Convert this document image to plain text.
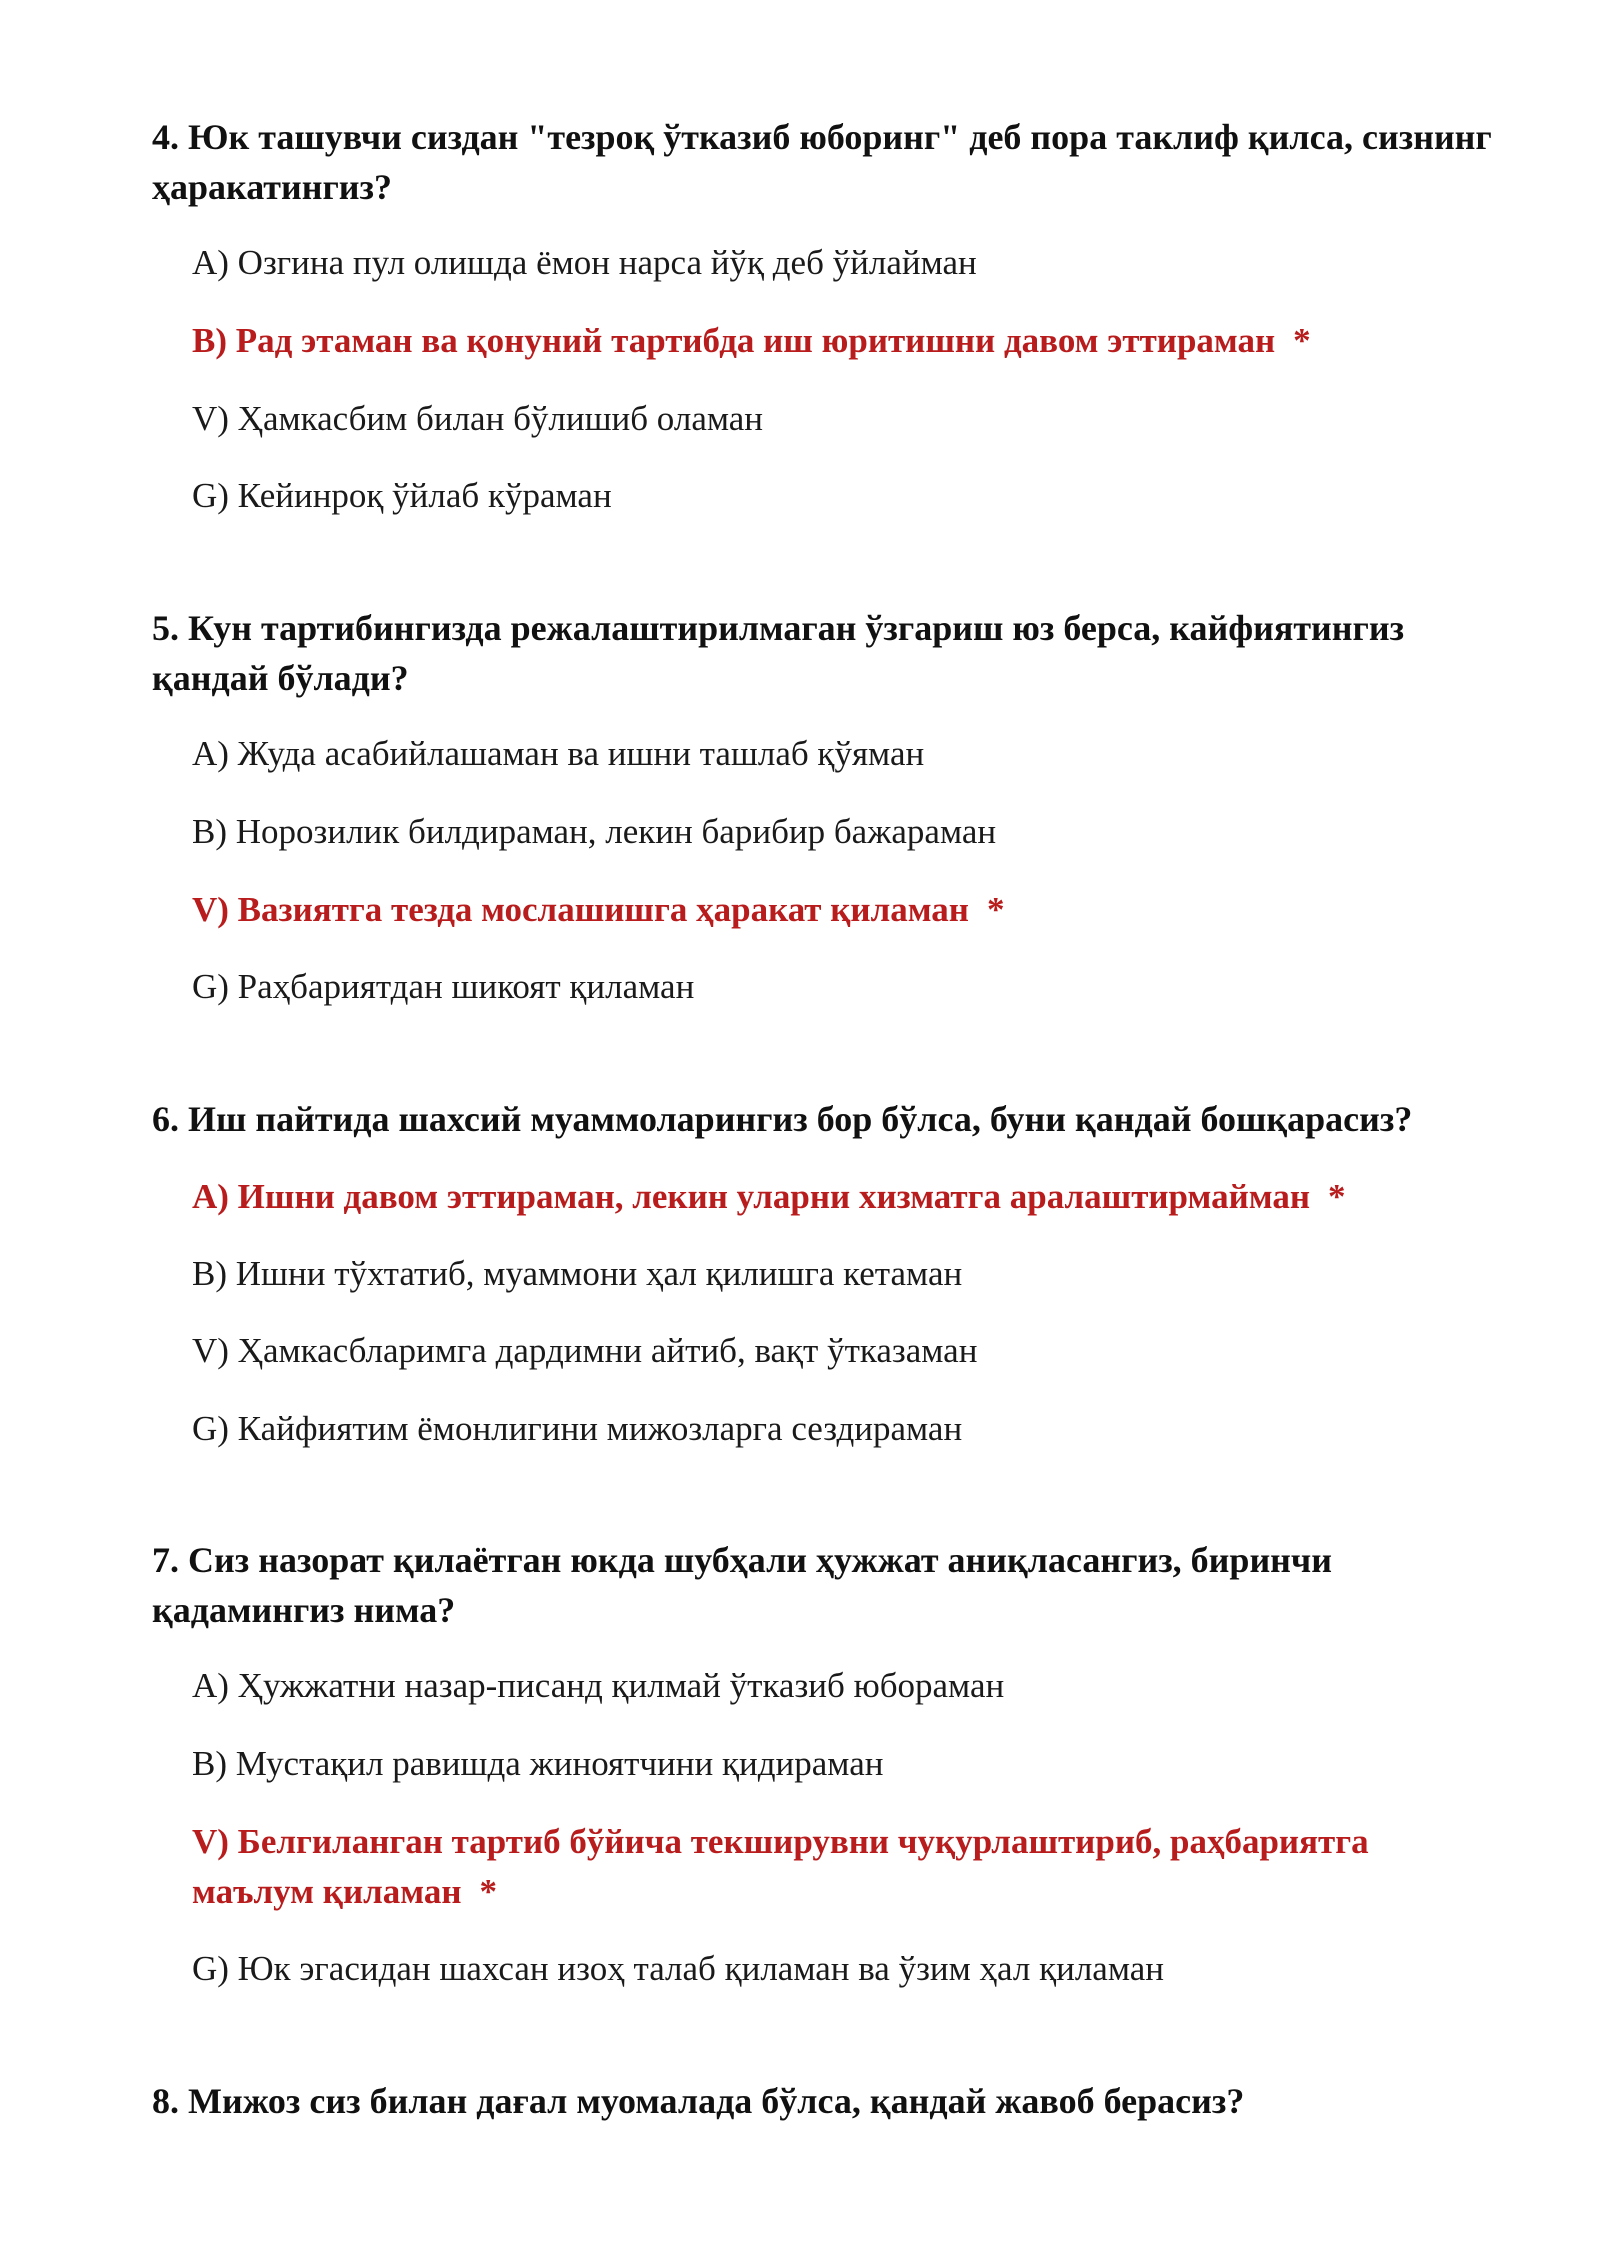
4. Юк ташувчи сиздан "тезроқ ўтказиб юборинг" деб пора таклиф қилса, сизнинг ҳаракатингиз?

A) Озгина пул олишда ёмон нарса йўқ деб ўйлайман

B) Рад этаман ва қонуний тартибда иш юритишни давом эттираман *

V) Ҳамкасбим билан бўлишиб оламан

G) Кейинроқ ўйлаб кўраман

5. Кун тартибингизда режалаштирилмаган ўзгариш юз берса, кайфиятингиз қандай бўлади?

A) Жуда асабийлашаман ва ишни ташлаб қўяман

B) Норозилик билдираман, лекин барибир бажараман

V) Вазиятга тезда мослашишга ҳаракат қиламан *

G) Раҳбариятдан шикоят қиламан

6. Иш пайтида шахсий муаммоларингиз бор бўлса, буни қандай бошқарасиз?

A) Ишни давом эттираман, лекин уларни хизматга аралаштирмайман *

B) Ишни тўхтатиб, муаммони ҳал қилишга кетаман

V) Ҳамкасбларимга дардимни айтиб, вақт ўтказаман

G) Кайфиятим ёмонлигини мижозларга сездираман

7. Сиз назорат қилаётган юкда шубҳали ҳужжат аниқласангиз, биринчи қадамингиз нима?

A) Ҳужжатни назар-писанд қилмай ўтказиб юбораман

B) Мустақил равишда жиноятчини қидираман

V) Белгиланган тартиб бўйича текширувни чуқурлаштириб, раҳбариятга маълум қиламан *

G) Юк эгасидан шахсан изоҳ талаб қиламан ва ўзим ҳал қиламан

8. Мижоз сиз билан дағал муомалада бўлса, қандай жавоб берасиз?
